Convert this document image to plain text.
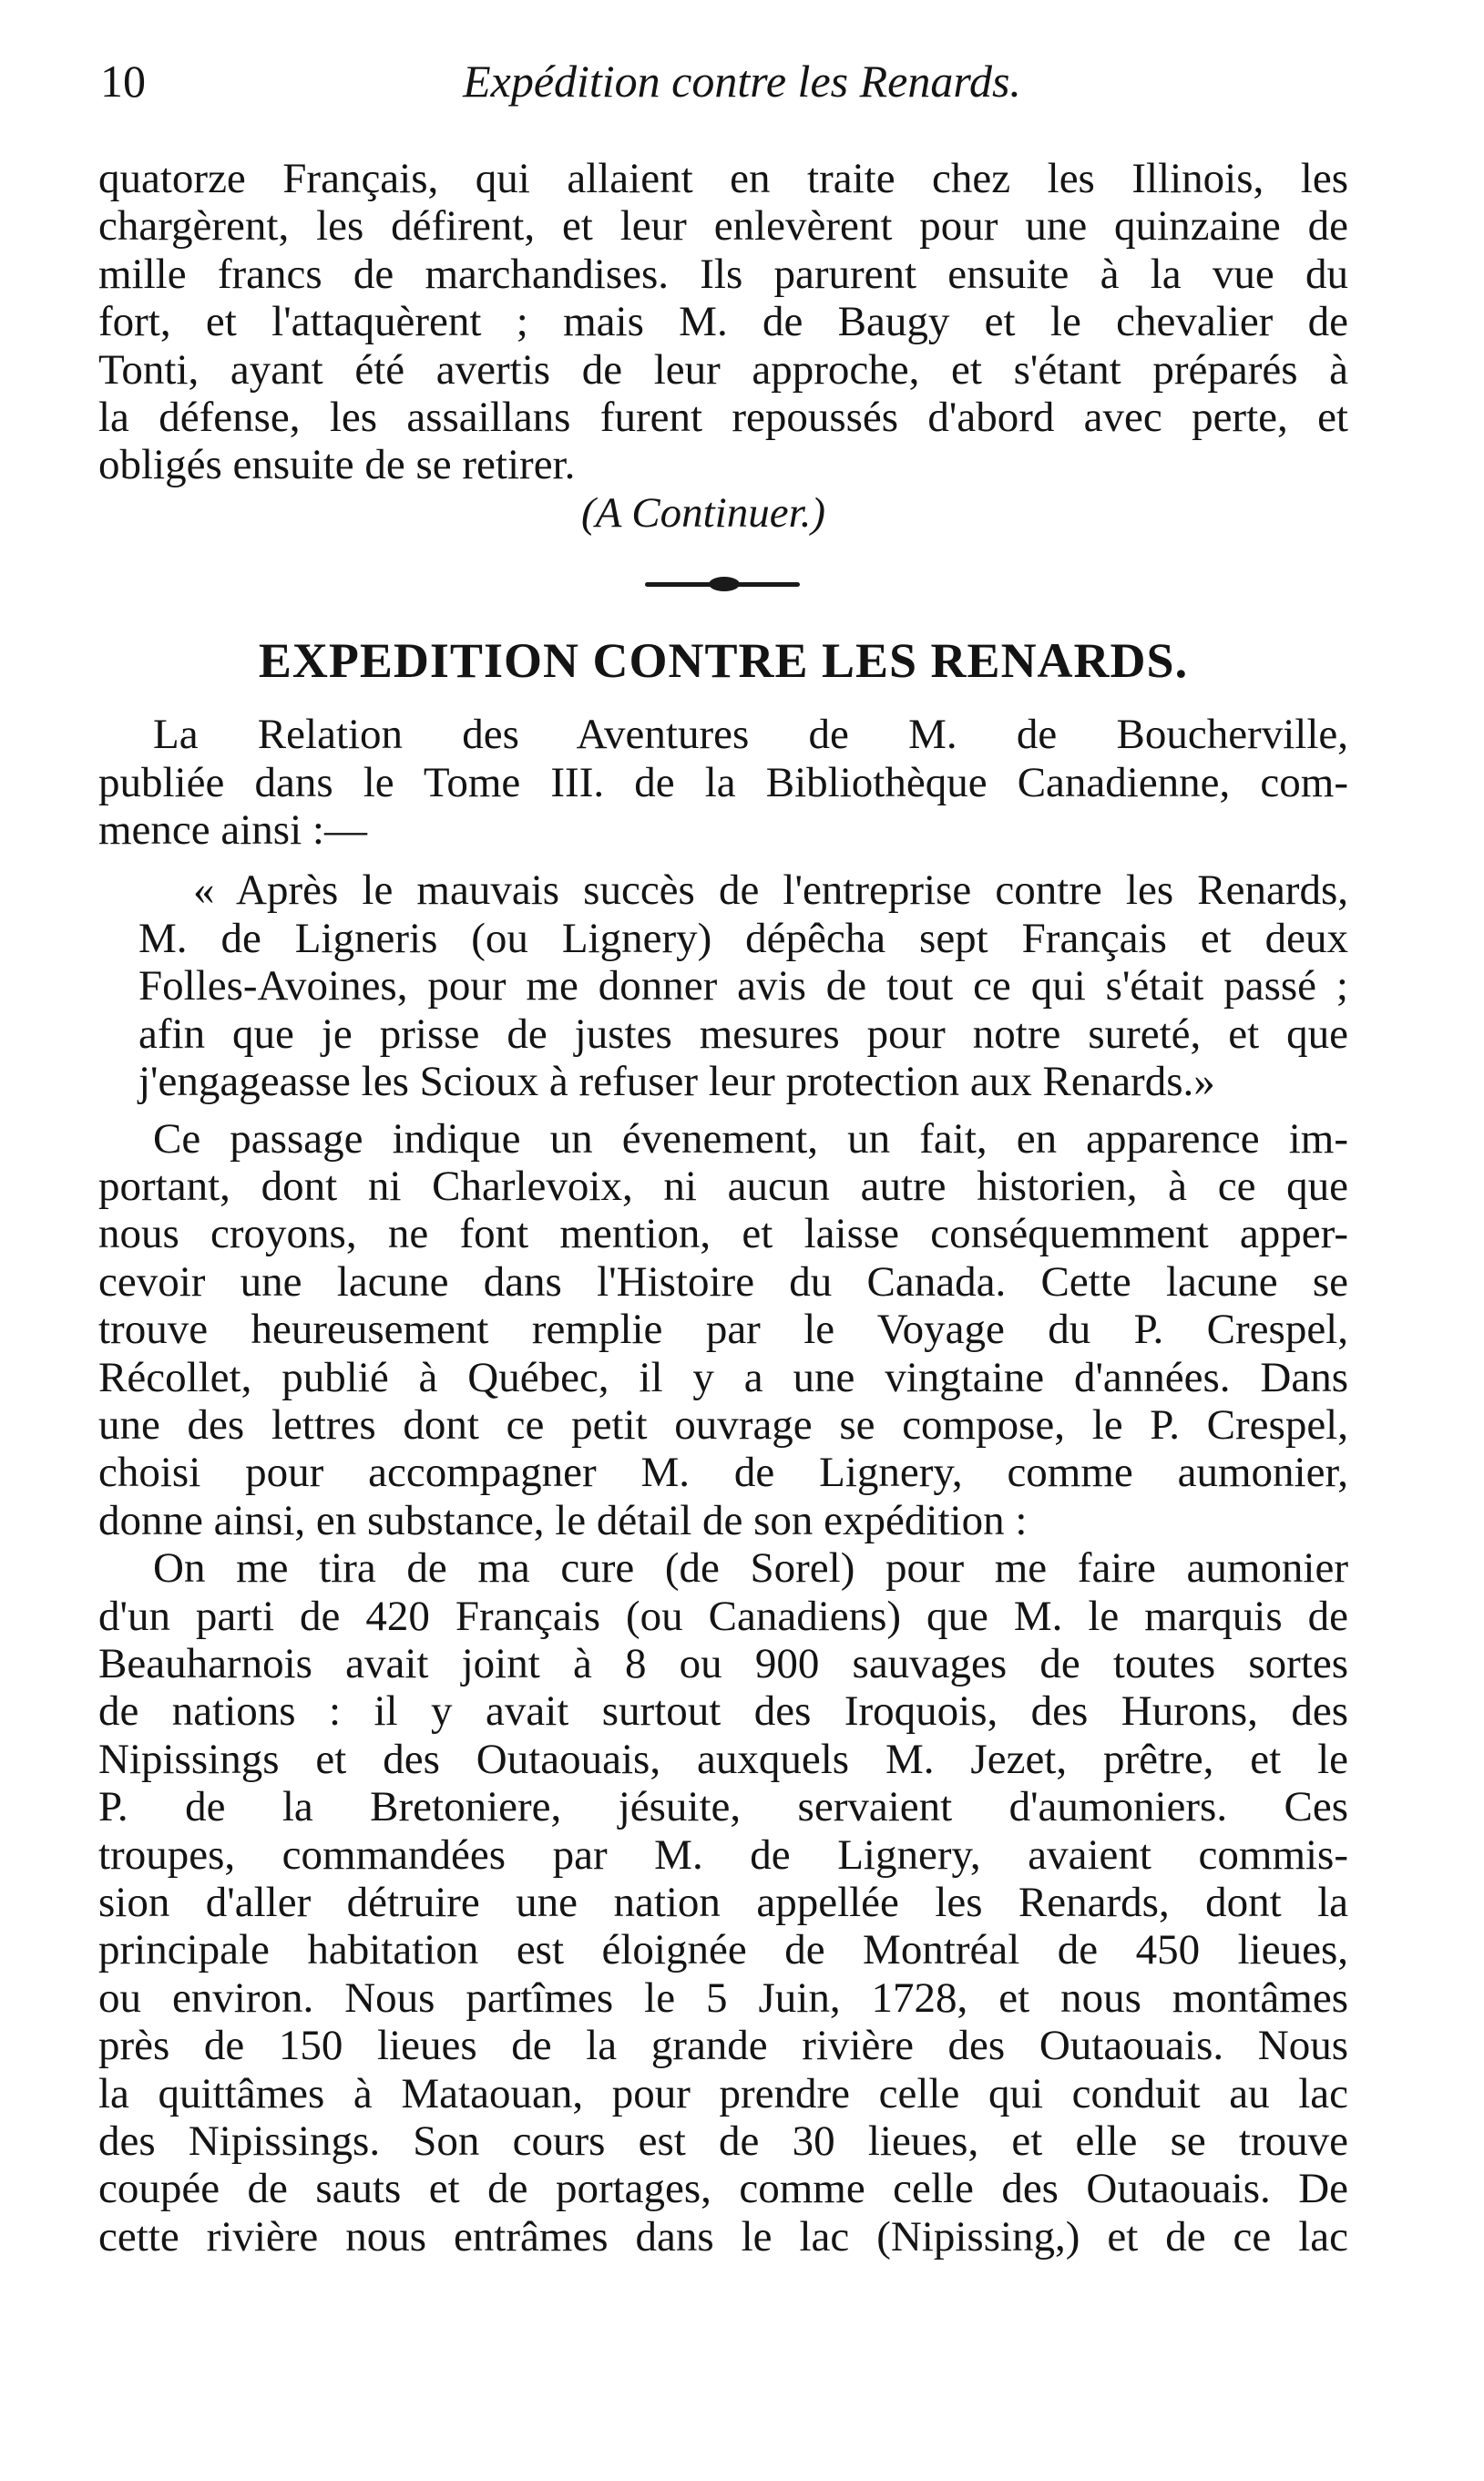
10	Expédition contre les Renards.

quatorze Français, qui allaient en traite chez les Illinois, les

chargèrent, les défirent, et leur enlevèrent pour une quinzaine de

mille francs de marchandises. Ils parurent ensuite à la vue du

fort, et l'attaquèrent ; mais M. de Baugy et le chevalier de

Tonti, ayant été avertis de leur approche, et s'étant préparés à

la défense, les assaillans furent repoussés d'abord avec perte, et

obligés ensuite de se retirer.

(A Continuer.)

EXPEDITION CONTRE LES RENARDS.

La Relation des Aventures de M. de Boucherville,

publiée dans le Tome III. de la Bibliothèque Canadienne, com-

mence ainsi :—

« Après le mauvais succès de l'entreprise contre les Renards,

M. de Ligneris (ou Lignery) dépêcha sept Français et deux

Folles-Avoines, pour me donner avis de tout ce qui s'était passé ;

afin que je prisse de justes mesures pour notre sureté, et que

j'engageasse les Scioux à refuser leur protection aux Renards.»

Ce passage indique un évenement, un fait, en apparence im-

portant, dont ni Charlevoix, ni aucun autre historien, à ce que

nous croyons, ne font mention, et laisse conséquemment apper-

cevoir une lacune dans l'Histoire du Canada. Cette lacune se

trouve heureusement remplie par le Voyage du P. Crespel,

Récollet, publié à Québec, il y a une vingtaine d'années. Dans

une des lettres dont ce petit ouvrage se compose, le P. Crespel,

choisi pour accompagner M. de Lignery, comme aumonier,

donne ainsi, en substance, le détail de son expédition :

On me tira de ma cure (de Sorel) pour me faire aumonier

d'un parti de 420 Français (ou Canadiens) que M. le marquis de

Beauharnois avait joint à 8 ou 900 sauvages de toutes sortes

de nations : il y avait surtout des Iroquois, des Hurons, des

Nipissings et des Outaouais, auxquels M. Jezet, prêtre, et le

P. de la Bretoniere, jésuite, servaient d'aumoniers. Ces

troupes, commandées par M. de Lignery, avaient commis-

sion d'aller détruire une nation appellée les Renards, dont la

principale habitation est éloignée de Montréal de 450 lieues,

ou environ. Nous partîmes le 5 Juin, 1728, et nous montâmes

près de 150 lieues de la grande rivière des Outaouais. Nous

la quittâmes à Mataouan, pour prendre celle qui conduit au lac

des Nipissings. Son cours est de 30 lieues, et elle se trouve

coupée de sauts et de portages, comme celle des Outaouais. De

cette rivière nous entrâmes dans le lac (Nipissing,) et de ce lac
